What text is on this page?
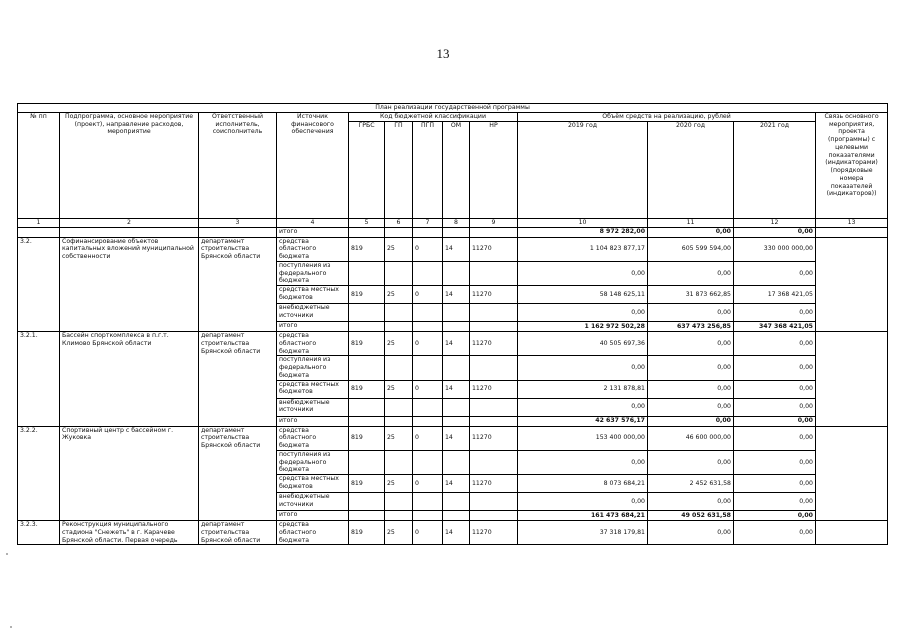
13
План реализации государственной программы												
№ пп	Подпрограмма, основное мероприятие (проект), направление расходов, мероприятие	Ответственный исполнитель, соисполнитель	Источник финансового обеспечения	Код бюджетной классификации					Объём средств на реализацию, рублей			Связь основного мероприятия, проекта (программы) с целевыми показателями (индикаторами) (порядковые номера показателей (индикаторов))
				ГРБС	ГП	ПГП	ОМ	НР	2019 год	2020 год	2021 год	
1	2	3	4	5	6	7	8	9	10	11	12	13
			итого						8 972 282,00	0,00	0,00	
3.2.	Софинансирование объектов капитальных вложений муниципальной собственности	департамент строительства Брянской области	средства областного бюджета	819	25	0	14	11270	1 104 823 877,17	605 599 594,00	330 000 000,00	
			поступления из федерального бюджета						0,00	0,00	0,00	
			средства местных бюджетов	819	25	0	14	11270	58 148 625,11	31 873 662,85	17 368 421,05	
			внебюджетные источники						0,00	0,00	0,00	
			итого						1 162 972 502,28	637 473 256,85	347 368 421,05	
3.2.1.	Бассейн спорткомплекса в п.г.т. Климово Брянской области	департамент строительства Брянской области	средства областного бюджета	819	25	0	14	11270	40 505 697,36	0,00	0,00	
			поступления из федерального бюджета						0,00	0,00	0,00	
			средства местных бюджетов	819	25	0	14	11270	2 131 878,81	0,00	0,00	
			внебюджетные источники						0,00	0,00	0,00	
			итого						42 637 576,17	0,00	0,00	
3.2.2.	Спортивный центр с бассейном г. Жуковка	департамент строительства Брянской области	средства областного бюджета	819	25	0	14	11270	153 400 000,00	46 600 000,00	0,00	
			поступления из федерального бюджета						0,00	0,00	0,00	
			средства местных бюджетов	819	25	0	14	11270	8 073 684,21	2 452 631,58	0,00	
			внебюджетные источники						0,00	0,00	0,00	
			итого						161 473 684,21	49 052 631,58	0,00	
3.2.3.	Реконструкция муниципального стадиона "Снежеть" в г. Карачеве Брянской области. Первая очередь	департамент строительства Брянской области	средства областного бюджета	819	25	0	14	11270	37 318 179,81	0,00	0,00	
